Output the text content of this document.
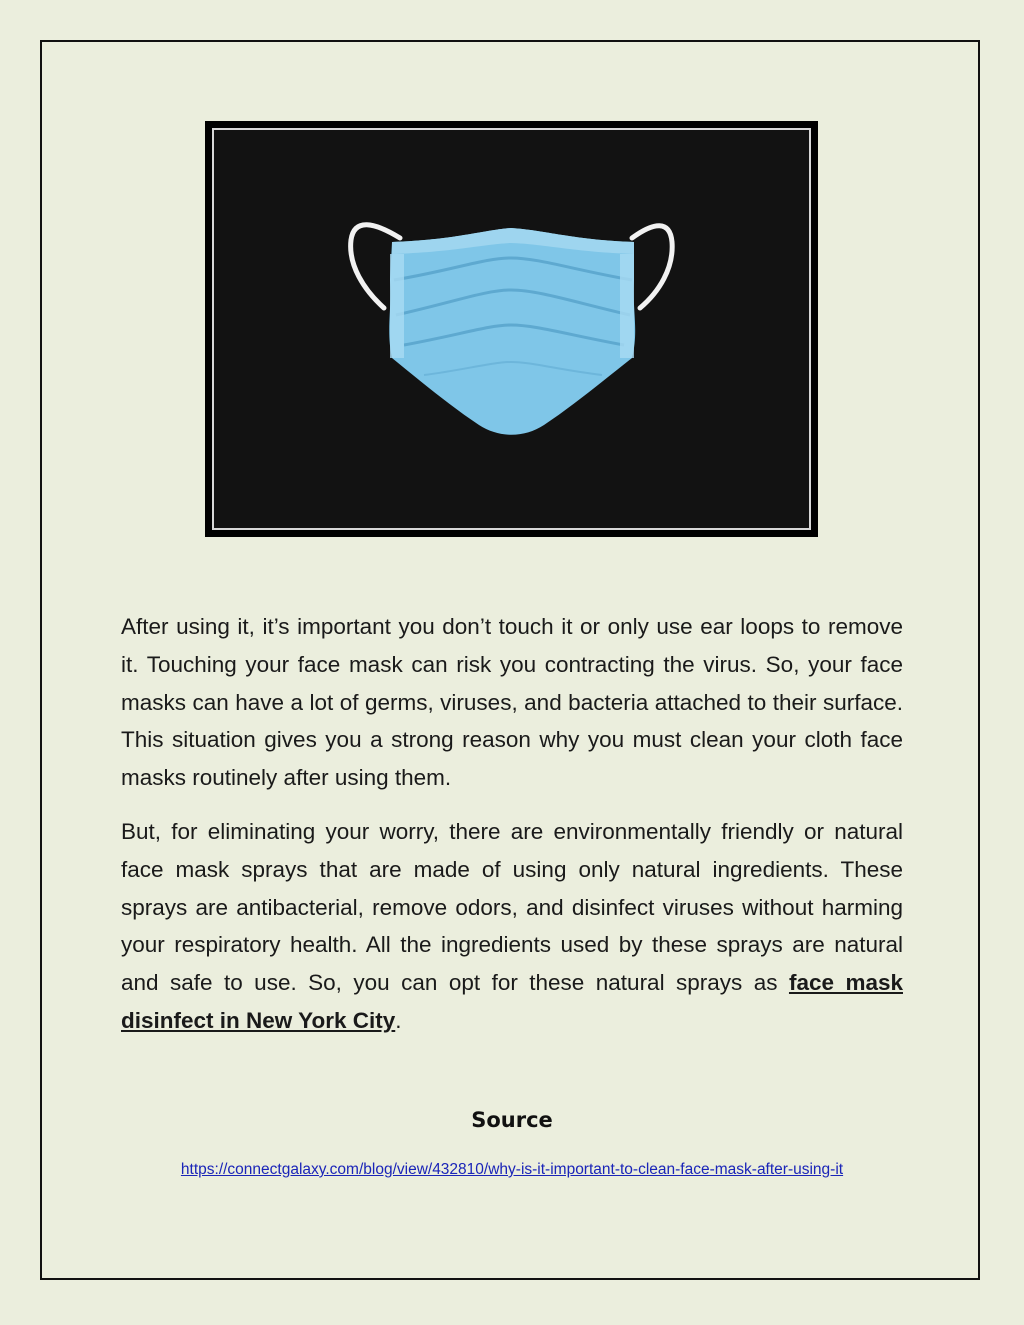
After using it, it’s important you don’t touch it or only use ear loops to remove it. Touching your face mask can risk you contracting the virus. So, your face masks can have a lot of germs, viruses, and bacteria attached to their surface. This situation gives you a strong reason why you must clean your cloth face masks routinely after using them.

But, for eliminating your worry, there are environmentally friendly or natural face mask sprays that are made of using only natural ingredients. These sprays are antibacterial, remove odors, and disinfect viruses without harming your respiratory health. All the ingredients used by these sprays are natural and safe to use. So, you can opt for these natural sprays as face mask disinfect in New York City.

Source
https://connectgalaxy.com/blog/view/432810/why-is-it-important-to-clean-face-mask-after-using-it
